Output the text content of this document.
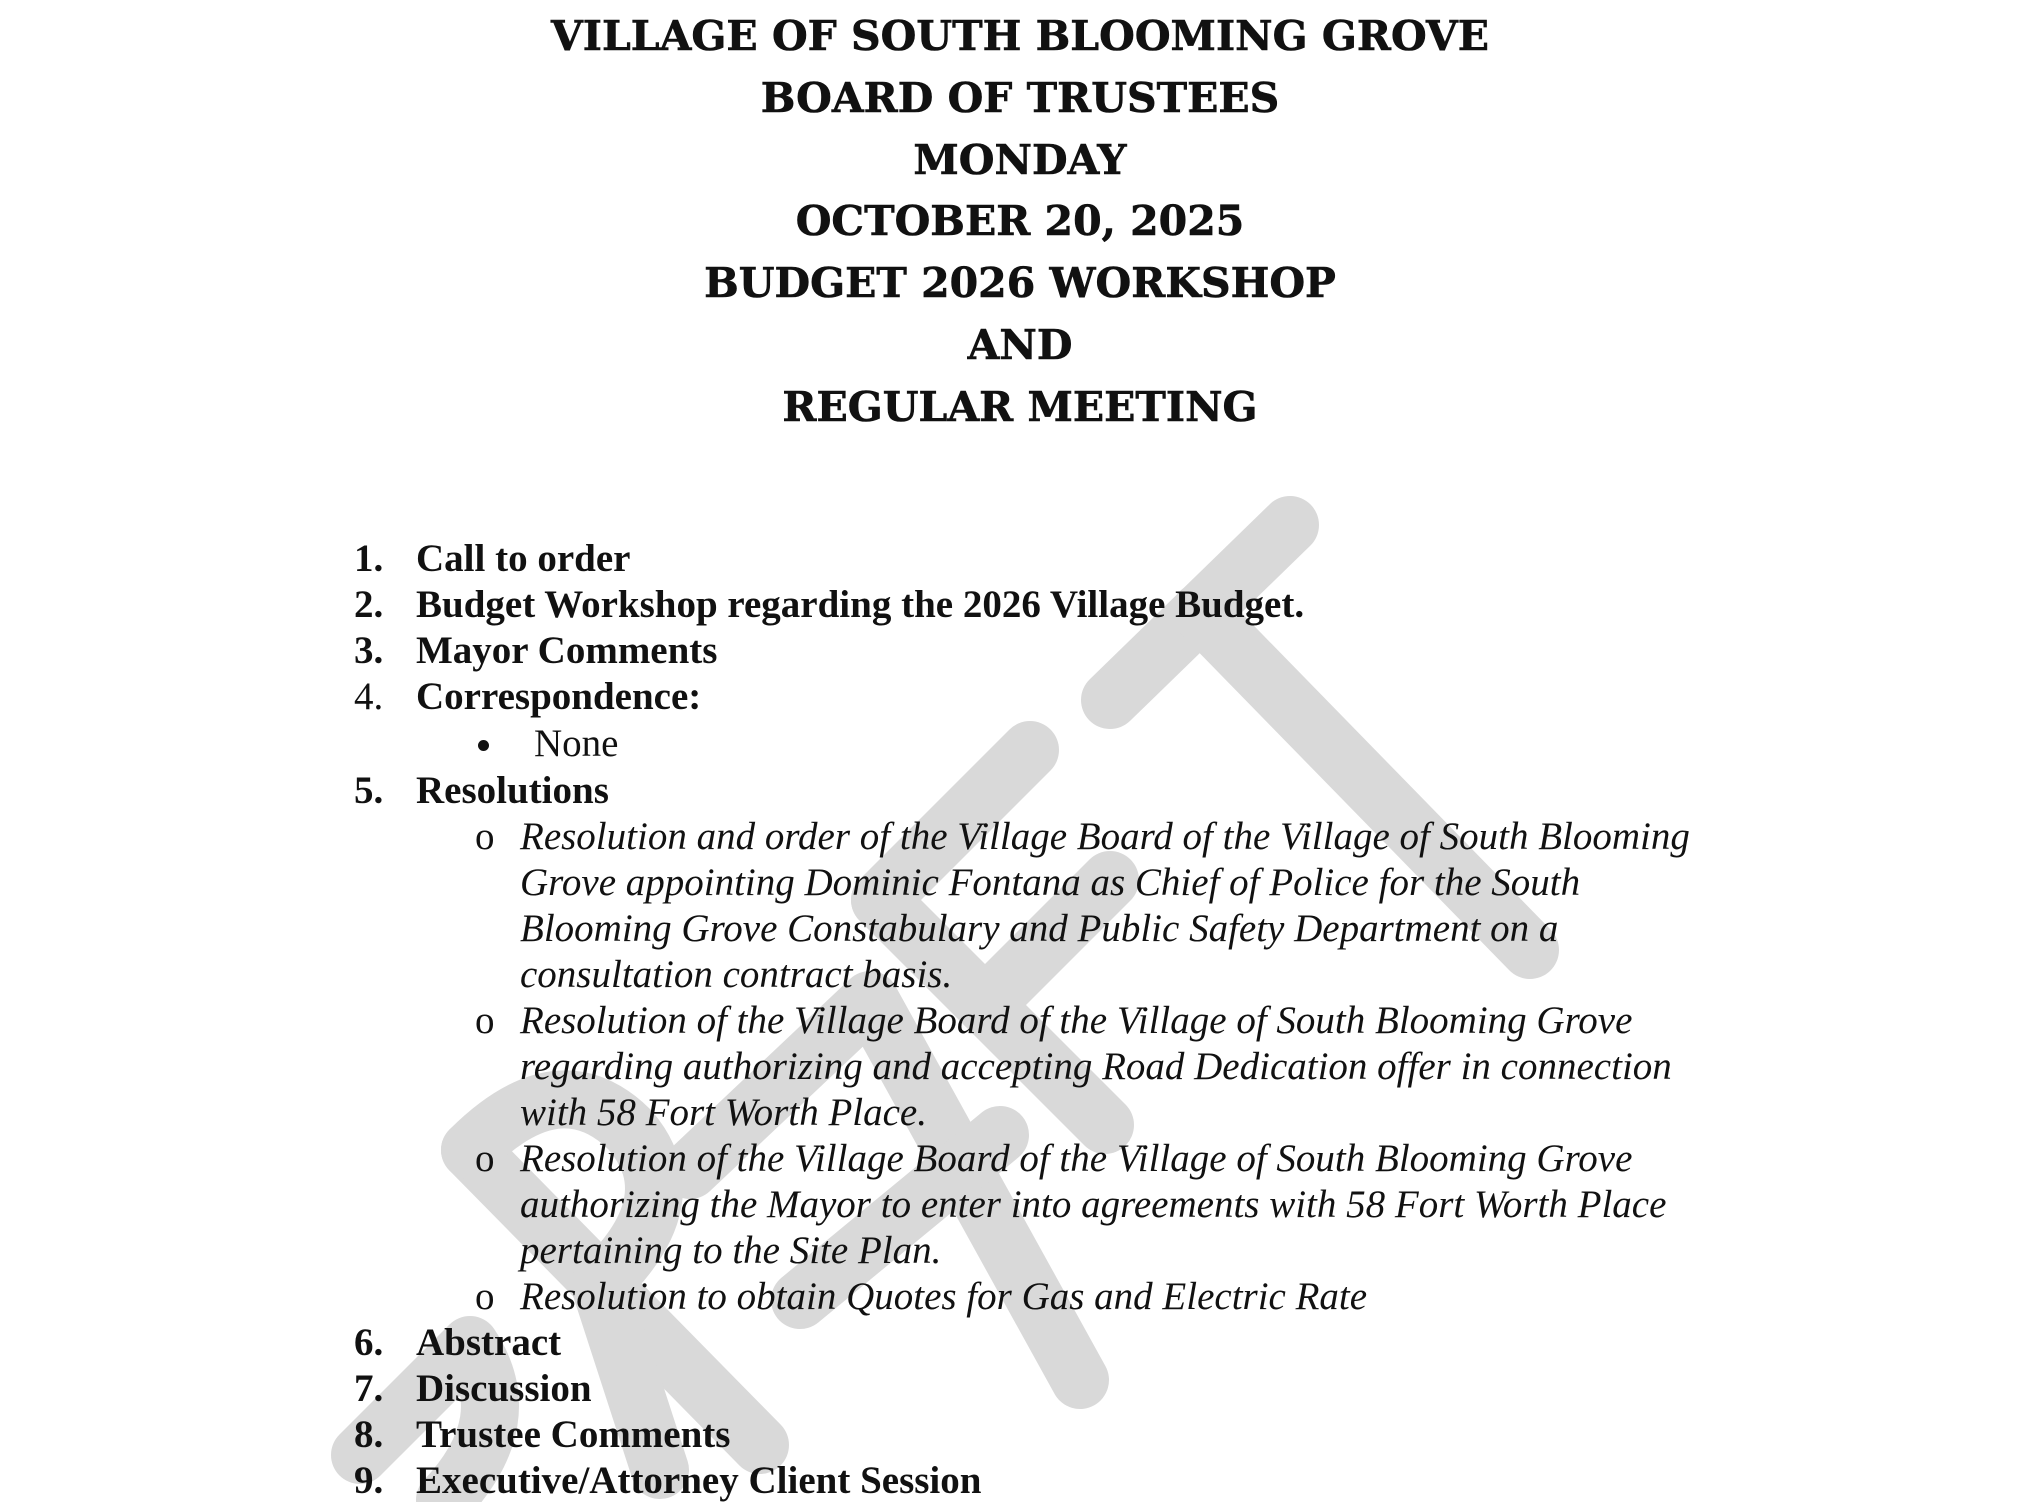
VILLAGE OF SOUTH BLOOMING GROVE
BOARD OF TRUSTEES
MONDAY
OCTOBER 20, 2025
BUDGET 2026 WORKSHOP
AND
REGULAR MEETING
1. Call to order
2. Budget Workshop regarding the 2026 Village Budget.
3. Mayor Comments
4. Correspondence:
None
5. Resolutions
o Resolution and order of the Village Board of the Village of South Blooming
Grove appointing Dominic Fontana as Chief of Police for the South
Blooming Grove Constabulary and Public Safety Department on a
consultation contract basis.
o Resolution of the Village Board of the Village of South Blooming Grove
regarding authorizing and accepting Road Dedication offer in connection
with 58 Fort Worth Place.
o Resolution of the Village Board of the Village of South Blooming Grove
authorizing the Mayor to enter into agreements with 58 Fort Worth Place
pertaining to the Site Plan.
o Resolution to obtain Quotes for Gas and Electric Rate
6. Abstract
7. Discussion
8. Trustee Comments
9. Executive/Attorney Client Session
